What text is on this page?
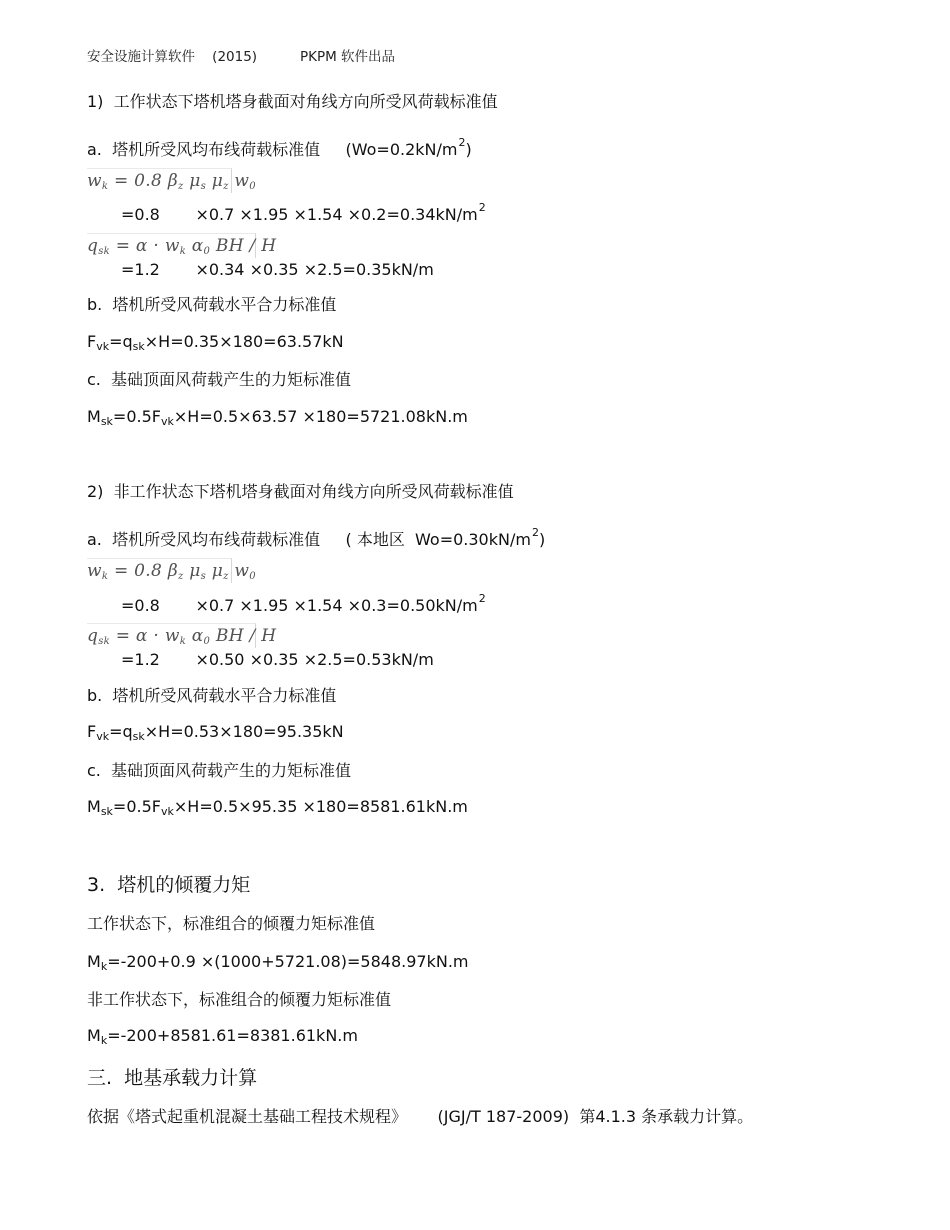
安全设施计算软件 (2015)	PKPM 软件出品
1)  工作状态下塔机塔身截面对角线方向所受风荷载标准值
a.  塔机所受风均布线荷载标准值 $(Wo=0.2kN/m^2)$
$w_k = 0.8$ $\beta_z$ $\mu_s$ $\mu_z$ $w_0$
=0.8       $\times 0.7 \times 1.95 \times 1.54 \times 0.2=0.34kN/m^2$
$q_{sk} = \alpha \cdot w_k$ $\alpha_0$ BH / H
=1.2       ×0.34 ×0.35 ×2.5=0.35kN/m
b.  塔机所受风荷载水平合力标准值
$F_{vk}=q_{sk}\times H=0.35\times 180=63.57kN$
c.  基础顶面风荷载产生的力矩标准值
$M_{sk}=0.5F_{vk}\times H=0.5\times 63.57 \times 180=5721.08kN.m$
2)  非工作状态下塔机塔身截面对角线方向所受风荷载标准值
a.  塔机所受风均布线荷载标准值 ( 本地区  $Wo=0.30kN/m^2$)
$w_k = 0.8$ $\beta_z$ $\mu_s$ $\mu_z$ $w_0$
=0.8       $\times 0.7 \times 1.95 \times 1.54 \times 0.3=0.50kN/m^2$
$q_{sk} = \alpha \cdot w_k$ $\alpha_0$ BH / H
=1.2       ×0.50 ×0.35 ×2.5=0.53kN/m
b.  塔机所受风荷载水平合力标准值
$F_{vk}=q_{sk}\times H=0.53\times 180=95.35kN$
c.  基础顶面风荷载产生的力矩标准值
$M_{sk}=0.5F_{vk}\times H=0.5\times 95.35 \times 180=8581.61kN.m$
3.  塔机的倾覆力矩
工作状态下，标准组合的倾覆力矩标准值
$M_k=-200+0.9 \times(1000+5721.08)=5848.97kN.m$
非工作状态下，标准组合的倾覆力矩标准值
$M_k=-200+8581.61=8381.61kN.m$
三.  地基承载力计算
依据《塔式起重机混凝土基础工程技术规程》 (JGJ/T 187-2009) 第4.1.3 条承载力计算。
